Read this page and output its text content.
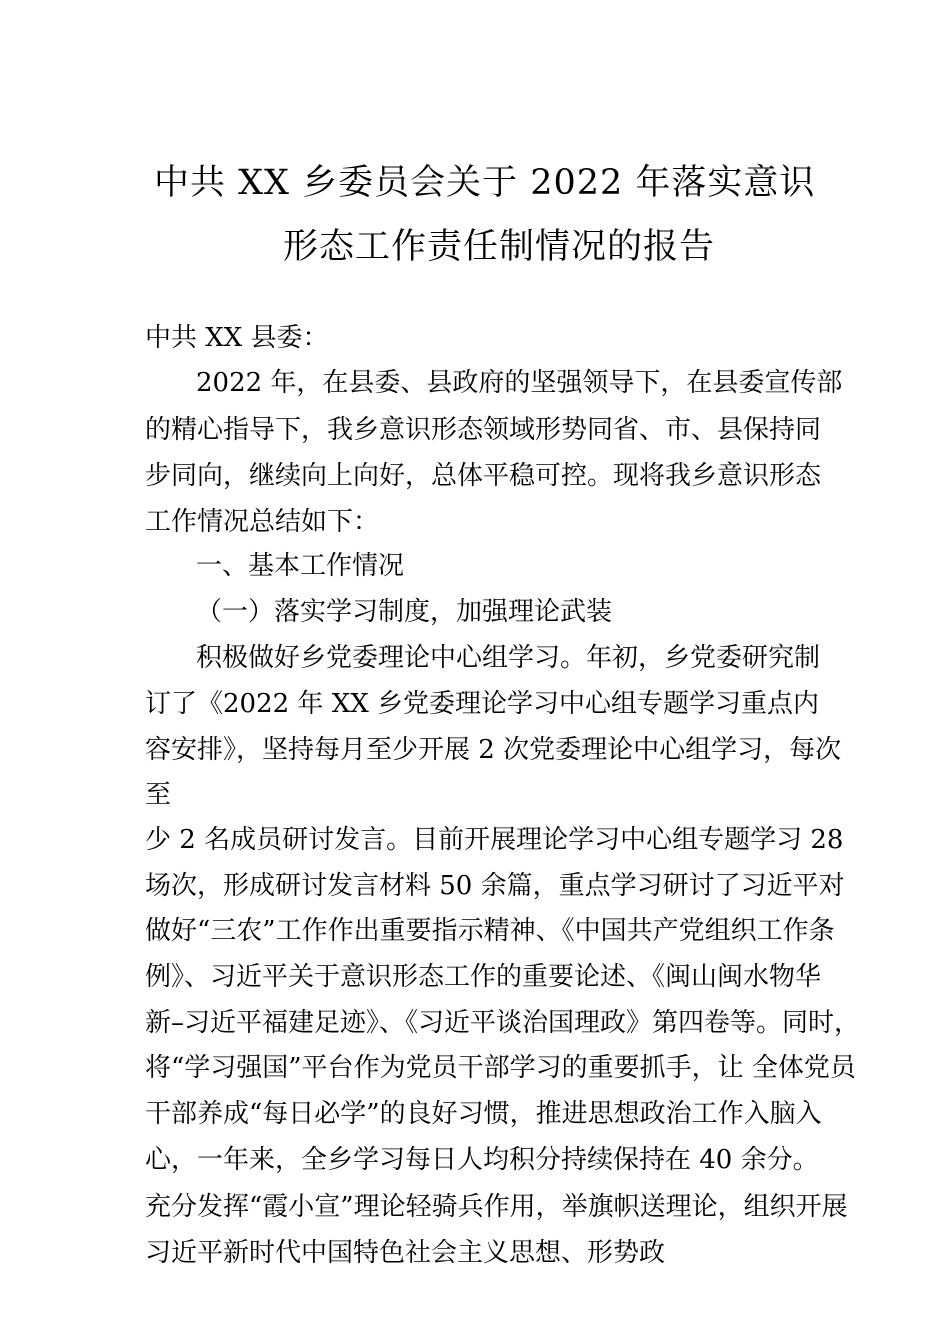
中共 XX 乡委员会关于 2022 年落实意识
形态工作责任制情况的报告
中共 XX 县委：
2022 年，在县委、县政府的坚强领导下，在县委宣传部
的精心指导下，我乡意识形态领域形势同省、市、县保持同
步同向，继续向上向好，总体平稳可控。现将我乡意识形态
工作情况总结如下：
一、基本工作情况
（一）落实学习制度，加强理论武装
积极做好乡党委理论中心组学习。年初，乡党委研究制
订了《2022 年 XX 乡党委理论学习中心组专题学习重点内
容安排》，坚持每月至少开展 2 次党委理论中心组学习，每次
至
少 2 名成员研讨发言。目前开展理论学习中心组专题学习 28
场次，形成研讨发言材料 50 余篇，重点学习研讨了习近平对
做好“三农”工作作出重要指示精神、《中国共产党组织工作条
例》、习近平关于意识形态工作的重要论述、《闽山闽水物华
新–习近平福建足迹》、《习近平谈治国理政》第四卷等。同时，
将“学习强国”平台作为党员干部学习的重要抓手，让 全体党员
干部养成“每日必学”的良好习惯，推进思想政治工作入脑入
心，一年来，全乡学习每日人均积分持续保持在 40 余分。
充分发挥“霞小宣”理论轻骑兵作用，举旗帜送理论，组织开展
习近平新时代中国特色社会主义思想、形势政
